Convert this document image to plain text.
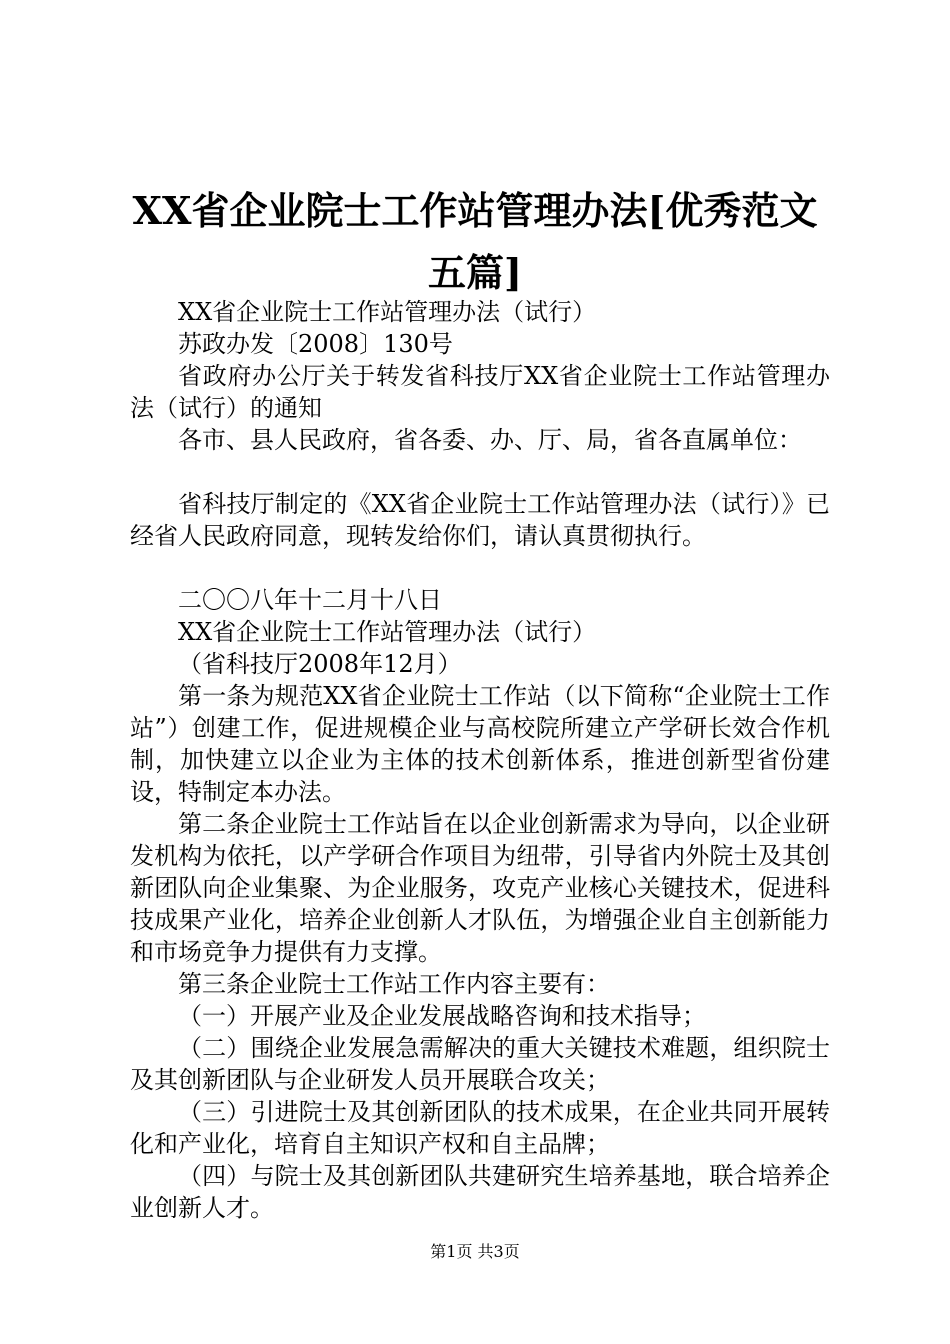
XX省企业院士工作站管理办法[优秀范文五篇]

XX省企业院士工作站管理办法（试行）

苏政办发〔2008〕130号

省政府办公厅关于转发省科技厅XX省企业院士工作站管理办法（试行）的通知

各市、县人民政府，省各委、办、厅、局，省各直属单位：

省科技厅制定的《XX省企业院士工作站管理办法（试行）》已经省人民政府同意，现转发给你们，请认真贯彻执行。

二〇〇八年十二月十八日

XX省企业院士工作站管理办法（试行）

（省科技厅2008年12月）

第一条为规范XX省企业院士工作站（以下简称“企业院士工作站”）创建工作，促进规模企业与高校院所建立产学研长效合作机制，加快建立以企业为主体的技术创新体系，推进创新型省份建设，特制定本办法。

第二条企业院士工作站旨在以企业创新需求为导向，以企业研发机构为依托，以产学研合作项目为纽带，引导省内外院士及其创新团队向企业集聚、为企业服务，攻克产业核心关键技术，促进科技成果产业化，培养企业创新人才队伍，为增强企业自主创新能力和市场竞争力提供有力支撑。

第三条企业院士工作站工作内容主要有：

（一）开展产业及企业发展战略咨询和技术指导；

（二）围绕企业发展急需解决的重大关键技术难题，组织院士及其创新团队与企业研发人员开展联合攻关；

（三）引进院士及其创新团队的技术成果，在企业共同开展转化和产业化，培育自主知识产权和自主品牌；

（四）与院士及其创新团队共建研究生培养基地，联合培养企业创新人才。

第1页 共3页
